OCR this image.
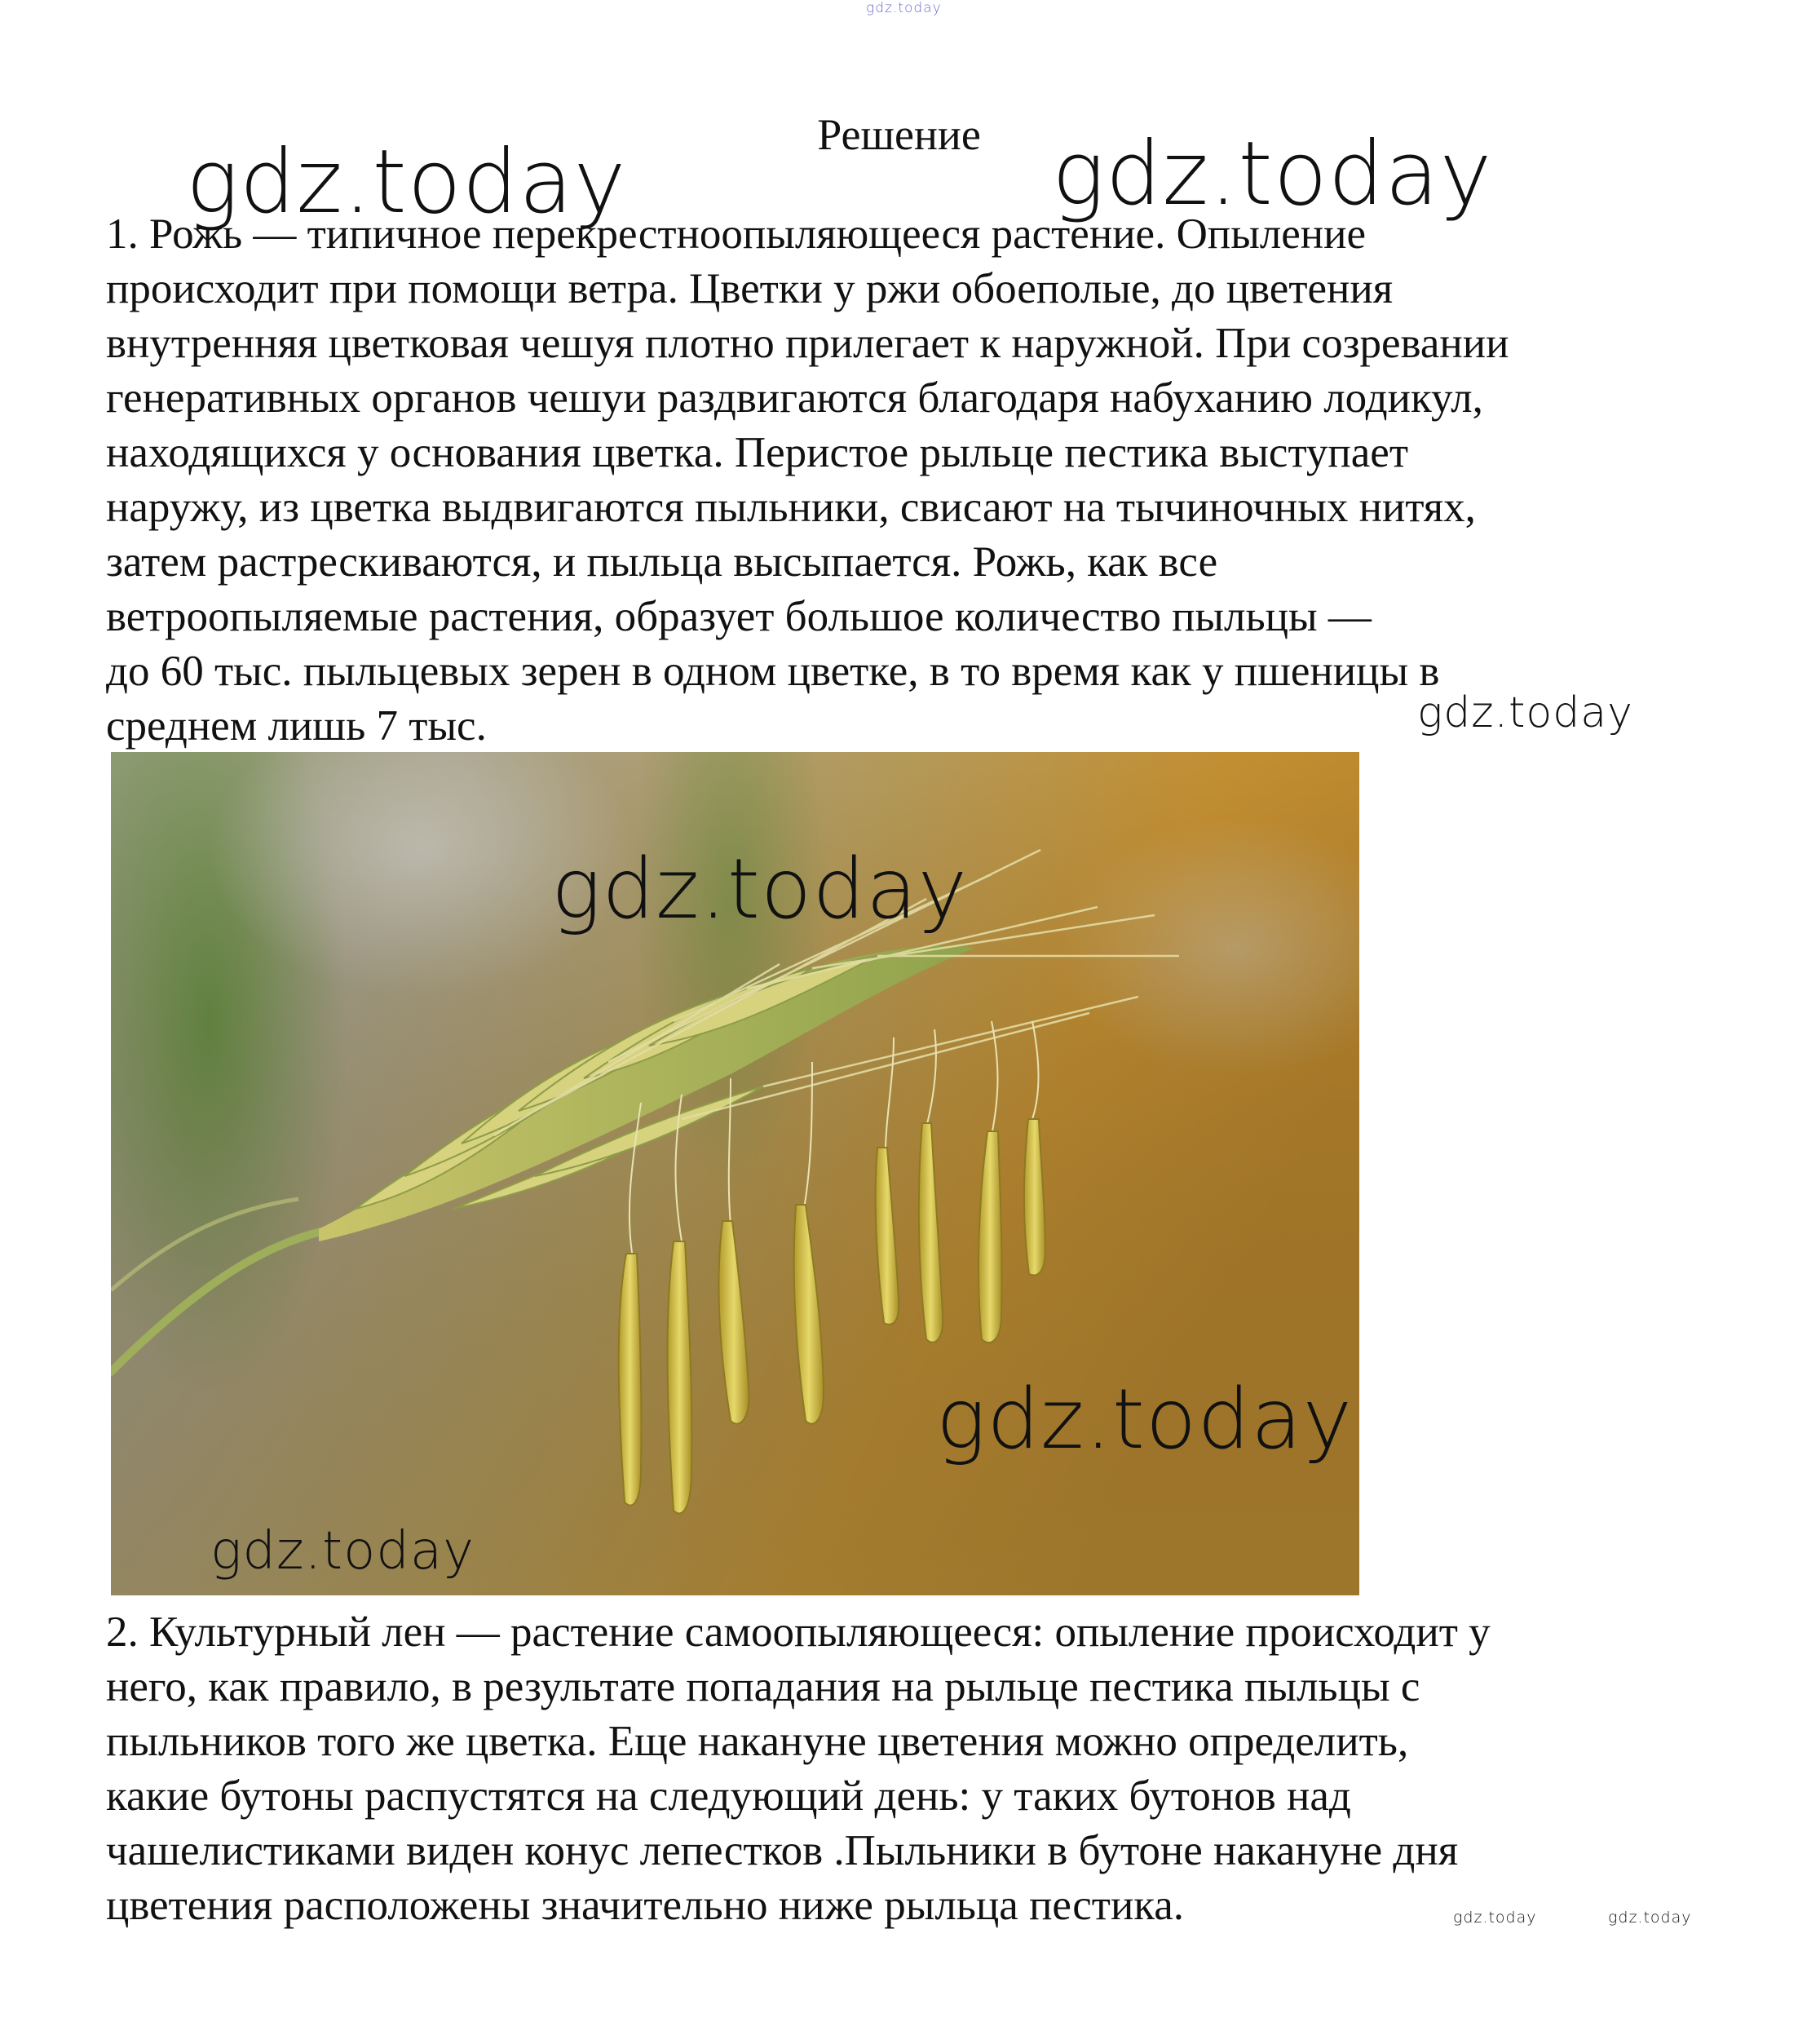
gdz.today
gdz.today	gdz.today
gdz.today
Решение
1. Рожь — типичное перекрестноопыляющееся растение. Опыление
происходит при помощи ветра. Цветки у ржи обоеполые, до цветения
внутренняя цветковая чешуя плотно прилегает к наружной. При созревании
генеративных органов чешуи раздвигаются благодаря набуханию лодикул,
находящихся у основания цветка. Перистое рыльце пестика выступает
наружу, из цветка выдвигаются пыльники, свисают на тычиночных нитях,
затем растрескиваются, и пыльца высыпается. Рожь, как все
ветроопыляемые растения, образует большое количество пыльцы —
до 60 тыс. пыльцевых зерен в одном цветке, в то время как у пшеницы в
среднем лишь 7 тыс.
gdz.today
gdz.today
gdz.today
2. Культурный лен — растение самоопыляющееся: опыление происходит у
него, как правило, в результате попадания на рыльце пестика пыльцы с
пыльников того же цветка. Еще накануне цветения можно определить,
какие бутоны распустятся на следующий день: у таких бутонов над
чашелистиками виден конус лепестков .Пыльники в бутоне накануне дня
цветения расположены значительно ниже рыльца пестика.	gdz.today	gdz.today
